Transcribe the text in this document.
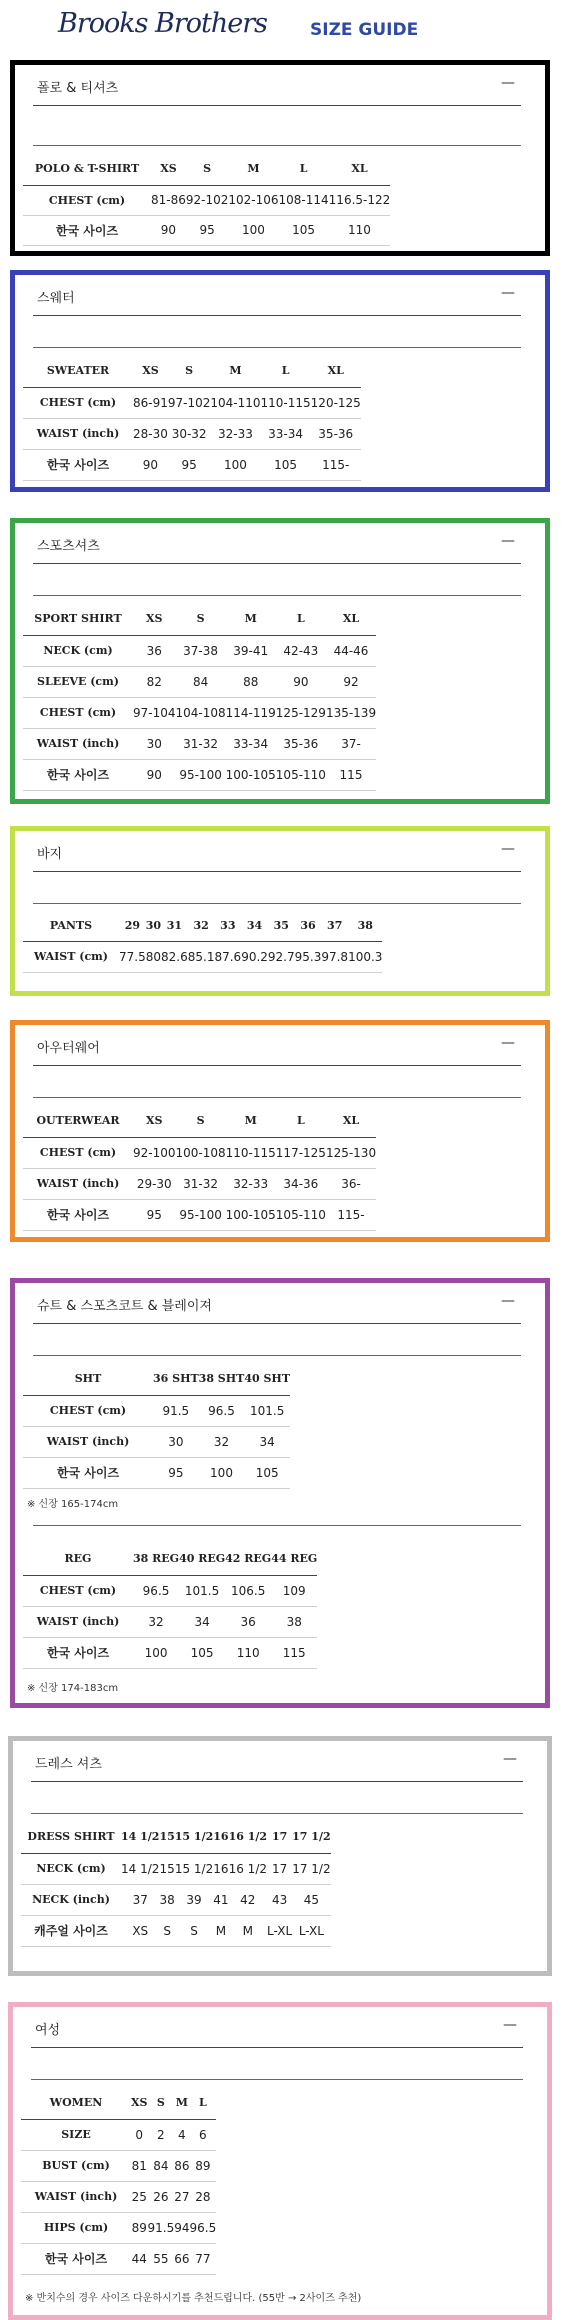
Brooks Brothers	SIZE GUIDE
폴로 & 티셔츠	—
POLO & T-SHIRT	XS	S	M	L	XL
CHEST (cm)	81-86	92-102	102-106	108-114	116.5-122
한국 사이즈	90	95	100	105	110
스웨터	—
SWEATER	XS	S	M	L	XL
CHEST (cm)	86-91	97-102	104-110	110-115	120-125
WAIST (inch)	28-30	30-32	32-33	33-34	35-36
한국 사이즈	90	95	100	105	115-
스포츠셔츠	—
SPORT SHIRT	XS	S	M	L	XL
NECK (cm)	36	37-38	39-41	42-43	44-46
SLEEVE (cm)	82	84	88	90	92
CHEST (cm)	97-104	104-108	114-119	125-129	135-139
WAIST (inch)	30	31-32	33-34	35-36	37-
한국 사이즈	90	95-100	100-105	105-110	115
바지	—
PANTS	29	30	31	32	33	34	35	36	37	38
WAIST (cm)	77.5	80	82.6	85.1	87.6	90.2	92.7	95.3	97.8	100.3
아우터웨어	—
OUTERWEAR	XS	S	M	L	XL
CHEST (cm)	92-100	100-108	110-115	117-125	125-130
WAIST (inch)	29-30	31-32	32-33	34-36	36-
한국 사이즈	95	95-100	100-105	105-110	115-
슈트 & 스포츠코트 & 블레이져	—
SHT	36 SHT	38 SHT	40 SHT
CHEST (cm)	91.5	96.5	101.5
WAIST (inch)	30	32	34
한국 사이즈	95	100	105
※ 신장 165-174cm
REG	38 REG	40 REG	42 REG	44 REG
CHEST (cm)	96.5	101.5	106.5	109
WAIST (inch)	32	34	36	38
한국 사이즈	100	105	110	115
※ 신장 174-183cm
드레스 셔츠	—
DRESS SHIRT	14 1/2	15	15 1/2	16	16 1/2	17	17 1/2
NECK (cm)	14 1/2	15	15 1/2	16	16 1/2	17	17 1/2
NECK (inch)	37	38	39	41	42	43	45
캐주얼 사이즈	XS	S	S	M	M	L-XL	L-XL
여성	—
WOMEN	XS	S	M	L
SIZE	0	2	4	6
BUST (cm)	81	84	86	89
WAIST (inch)	25	26	27	28
HIPS (cm)	89	91.5	94	96.5
한국 사이즈	44	55	66	77
※ 반치수의 경우 사이즈 다운하시기를 추천드립니다. (55반 → 2사이즈 추천)
